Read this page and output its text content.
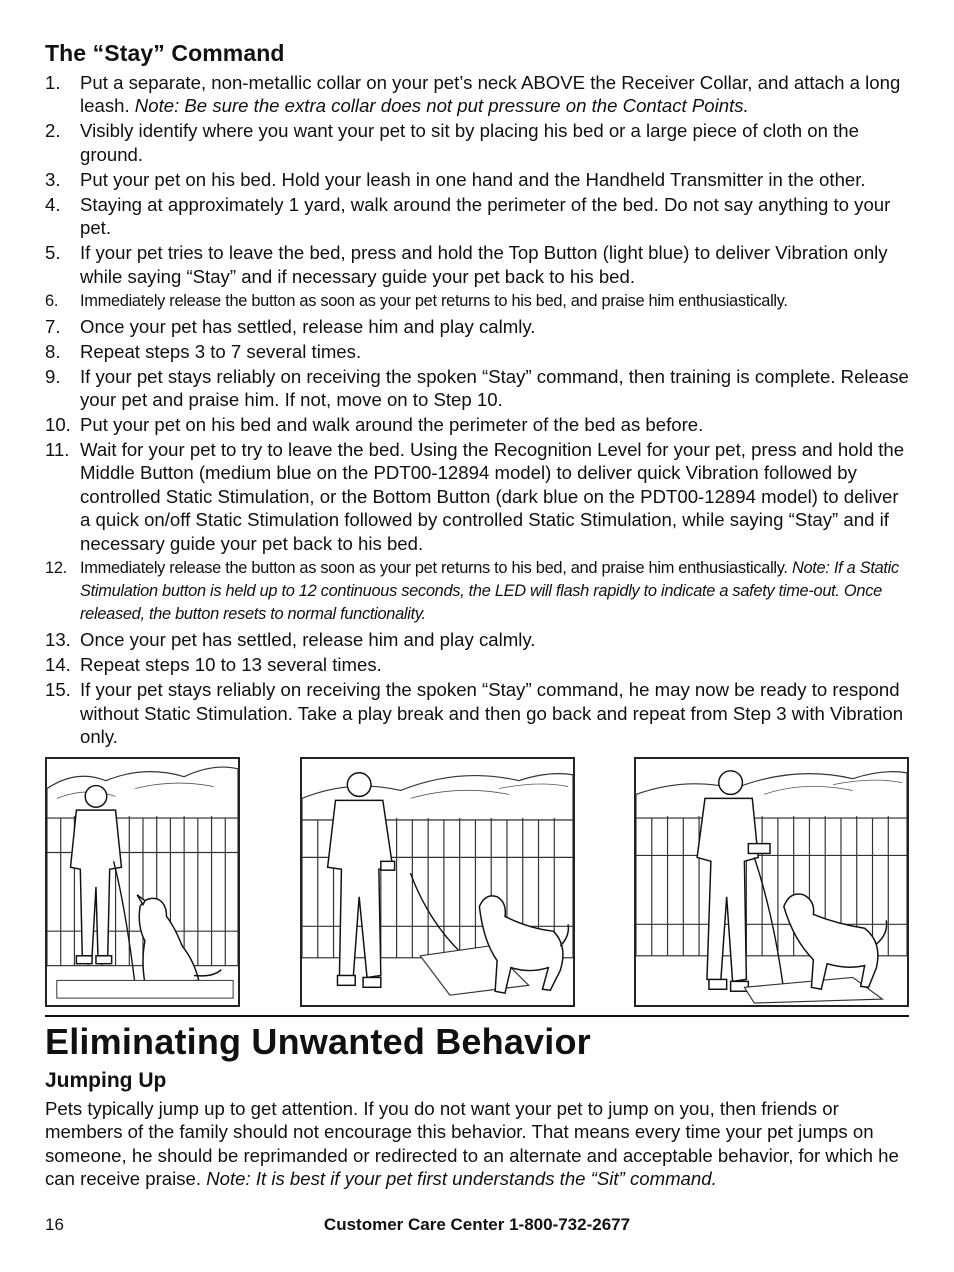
The “Stay” Command
1. Put a separate, non-metallic collar on your pet’s neck ABOVE the Receiver Collar, and attach a long leash. Note: Be sure the extra collar does not put pressure on the Contact Points.
2. Visibly identify where you want your pet to sit by placing his bed or a large piece of cloth on the ground.
3. Put your pet on his bed. Hold your leash in one hand and the Handheld Transmitter in the other.
4. Staying at approximately 1 yard, walk around the perimeter of the bed. Do not say anything to your pet.
5. If your pet tries to leave the bed, press and hold the Top Button (light blue) to deliver Vibration only while saying “Stay” and if necessary guide your pet back to his bed.
6. Immediately release the button as soon as your pet returns to his bed, and praise him enthusiastically.
7. Once your pet has settled, release him and play calmly.
8. Repeat steps 3 to 7 several times.
9. If your pet stays reliably on receiving the spoken “Stay” command, then training is complete. Release your pet and praise him. If not, move on to Step 10.
10. Put your pet on his bed and walk around the perimeter of the bed as before.
11. Wait for your pet to try to leave the bed. Using the Recognition Level for your pet, press and hold the Middle Button (medium blue on the PDT00-12894 model) to deliver quick Vibration followed by controlled Static Stimulation, or the Bottom Button (dark blue on the PDT00-12894 model) to deliver a quick on/off Static Stimulation followed by controlled Static Stimulation, while saying “Stay” and if necessary guide your pet back to his bed.
12. Immediately release the button as soon as your pet returns to his bed, and praise him enthusiastically. Note: If a Static Stimulation button is held up to 12 continuous seconds, the LED will flash rapidly to indicate a safety time-out. Once released, the button resets to normal functionality.
13. Once your pet has settled, release him and play calmly.
14. Repeat steps 10 to 13 several times.
15. If your pet stays reliably on receiving the spoken “Stay” command, he may now be ready to respond without Static Stimulation. Take a play break and then go back and repeat from Step 3 with Vibration only.
Eliminating Unwanted Behavior
Jumping Up

Pets typically jump up to get attention. If you do not want your pet to jump on you, then friends or members of the family should not encourage this behavior. That means every time your pet jumps on someone, he should be reprimanded or redirected to an alternate and acceptable behavior, for which he can receive praise. Note: It is best if your pet first understands the “Sit” command.

16	Customer Care Center 1-800-732-2677
